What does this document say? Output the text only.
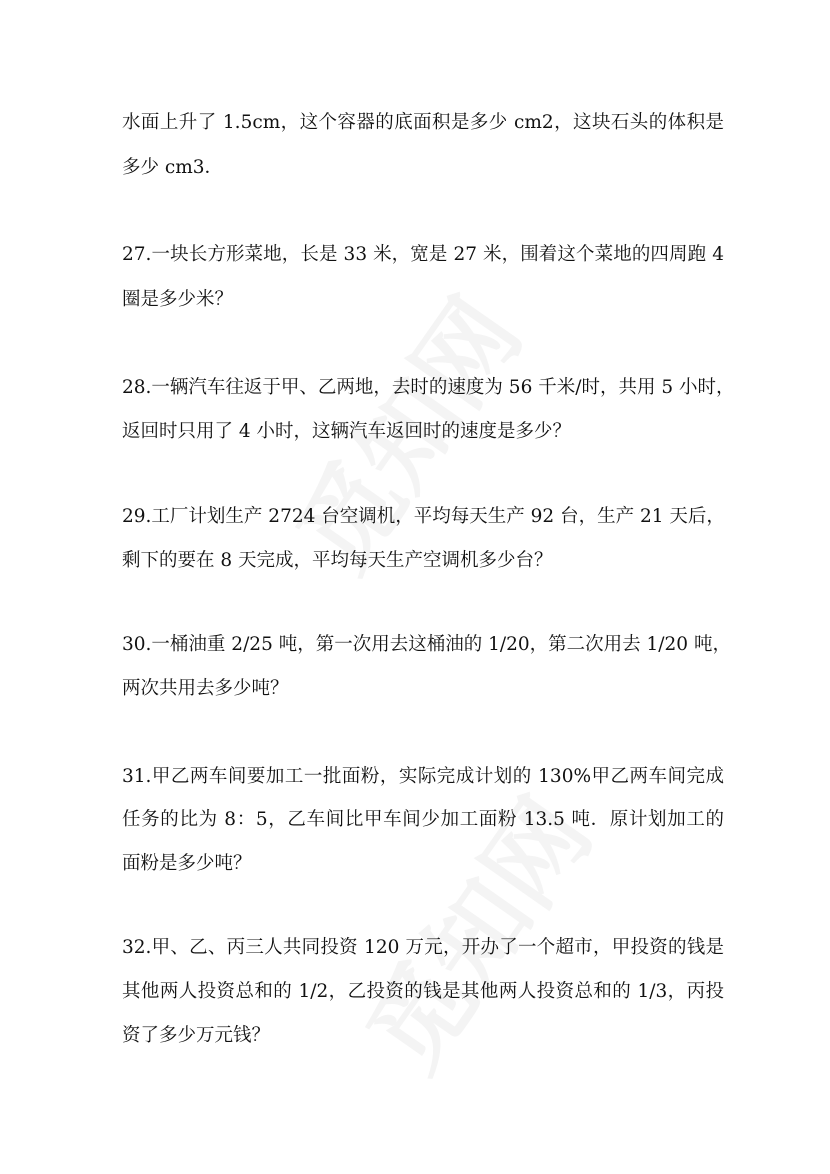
水面上升了 1.5cm，这个容器的底面积是多少 cm2，这块石头的体积是
多少 cm3．
27.一块长方形菜地，长是 33 米，宽是 27 米，围着这个菜地的四周跑 4
圈是多少米？
28.一辆汽车往返于甲、乙两地，去时的速度为 56 千米/时，共用 5 小时，
返回时只用了 4 小时，这辆汽车返回时的速度是多少？
29.工厂计划生产 2724 台空调机，平均每天生产 92 台，生产 21 天后，
剩下的要在 8 天完成，平均每天生产空调机多少台？
30.一桶油重 2/25 吨，第一次用去这桶油的 1/20，第二次用去 1/20 吨，
两次共用去多少吨？
31.甲乙两车间要加工一批面粉，实际完成计划的 130%甲乙两车间完成
任务的比为 8：5，乙车间比甲车间少加工面粉 13.5 吨．原计划加工的
面粉是多少吨？
32.甲、乙、丙三人共同投资 120 万元，开办了一个超市，甲投资的钱是
其他两人投资总和的 1/2，乙投资的钱是其他两人投资总和的 1/3，丙投
资了多少万元钱？
